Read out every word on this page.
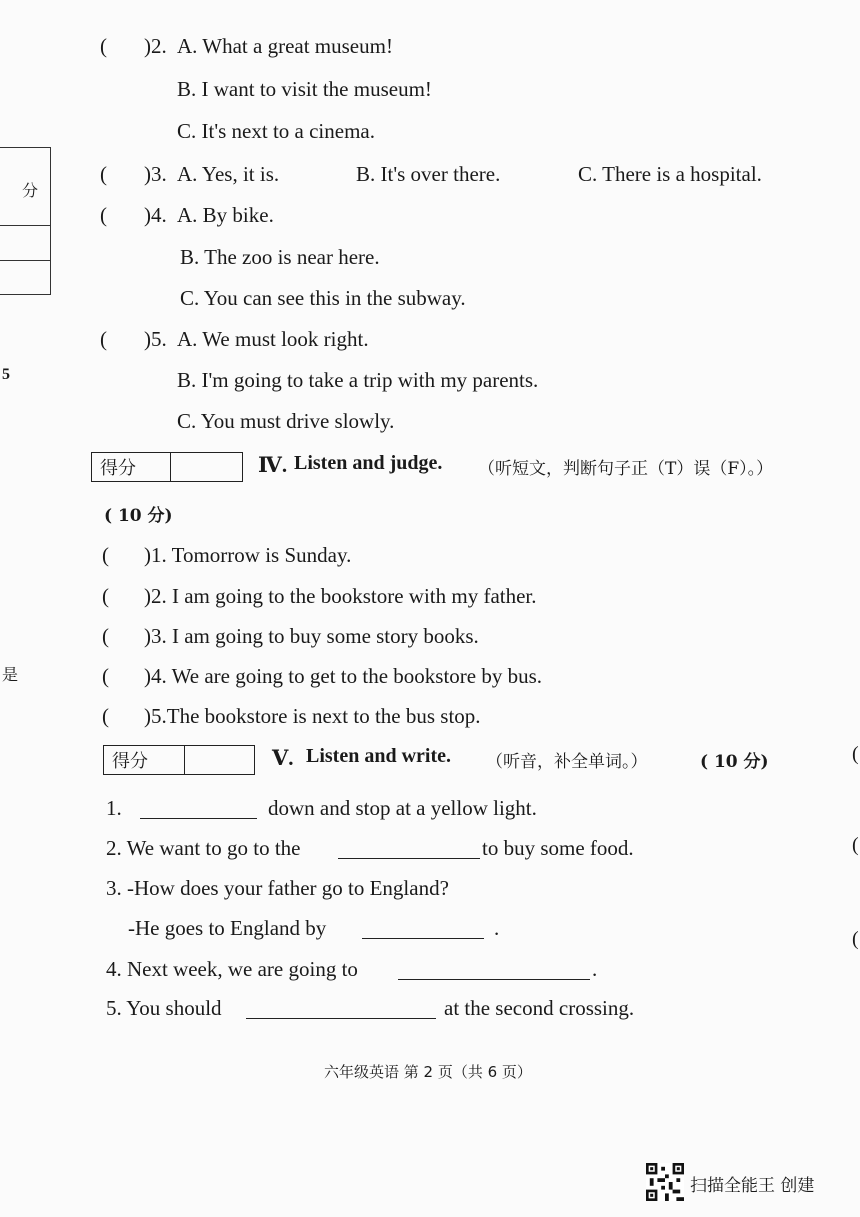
分
5
是
( )2. A. What a great museum!
B. I want to visit the museum!
C. It's next to a cinema.
( )3. A. Yes, it is.	B. It's over there.	C. There is a hospital.
( )4. A. By bike.
B. The zoo is near here.
C. You can see this in the subway.
( )5. A. We must look right.
B. I'm going to take a trip with my parents.
C. You must drive slowly.
得分	Ⅳ. Listen and judge. （听短文，判断句子正（T）误（F）。）
( 10 分)
( )1. Tomorrow is Sunday.
( )2. I am going to the bookstore with my father.
( )3. I am going to buy some story books.
( )4. We are going to get to the bookstore by bus.
( )5.The bookstore is next to the bus stop.
得分	Ⅴ. Listen and write. （听音，补全单词。）	( 10 分)	(
(
(
1.	down and stop at a yellow light.
2. We want to go to the	to buy some food.
3. -How does your father go to England?
-He goes to England by	.
4. Next week, we are going to	.
5. You should	at the second crossing.
六年级英语 第 2 页（共 6 页）
扫描全能王 创建
